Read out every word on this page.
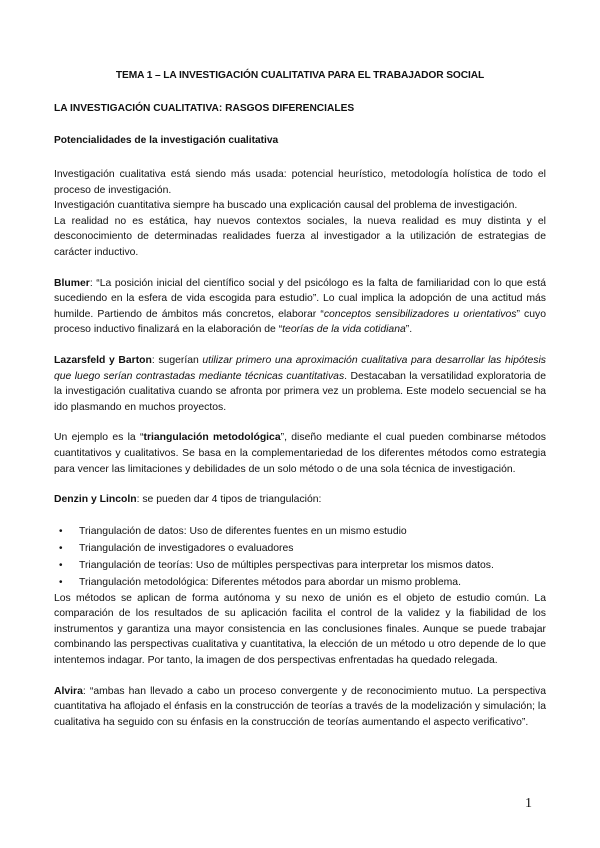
TEMA 1 – LA INVESTIGACIÓN CUALITATIVA PARA EL TRABAJADOR SOCIAL
LA INVESTIGACIÓN CUALITATIVA: RASGOS DIFERENCIALES
Potencialidades de la investigación cualitativa

Investigación cualitativa está siendo más usada: potencial heurístico, metodología holística de todo el proceso de investigación.

Investigación cuantitativa siempre ha buscado una explicación causal del problema de investigación.

La realidad no es estática, hay nuevos contextos sociales, la nueva realidad es muy distinta y el desconocimiento de determinadas realidades fuerza al investigador a la utilización de estrategias de carácter inductivo.

Blumer: “La posición inicial del científico social y del psicólogo es la falta de familiaridad con lo que está sucediendo en la esfera de vida escogida para estudio”. Lo cual implica la adopción de una actitud más humilde. Partiendo de ámbitos más concretos, elaborar “conceptos sensibilizadores u orientativos” cuyo proceso inductivo finalizará en la elaboración de “teorías de la vida cotidiana”.

Lazarsfeld y Barton: sugerían utilizar primero una aproximación cualitativa para desarrollar las hipótesis que luego serían contrastadas mediante técnicas cuantitativas. Destacaban la versatilidad exploratoria de la investigación cualitativa cuando se afronta por primera vez un problema. Este modelo secuencial se ha ido plasmando en muchos proyectos.

Un ejemplo es la “triangulación metodológica”, diseño mediante el cual pueden combinarse métodos cuantitativos y cualitativos. Se basa en la complementariedad de los diferentes métodos como estrategia para vencer las limitaciones y debilidades de un solo método o de una sola técnica de investigación.

Denzin y Lincoln: se pueden dar 4 tipos de triangulación:

• Triangulación de datos: Uso de diferentes fuentes en un mismo estudio
• Triangulación de investigadores o evaluadores
• Triangulación de teorías: Uso de múltiples perspectivas para interpretar los mismos datos.
• Triangulación metodológica: Diferentes métodos para abordar un mismo problema.

Los métodos se aplican de forma autónoma y su nexo de unión es el objeto de estudio común. La comparación de los resultados de su aplicación facilita el control de la validez y la fiabilidad de los instrumentos y garantiza una mayor consistencia en las conclusiones finales. Aunque se puede trabajar combinando las perspectivas cualitativa y cuantitativa, la elección de un método u otro depende de lo que intentemos indagar. Por tanto, la imagen de dos perspectivas enfrentadas ha quedado relegada.

Alvira: “ambas han llevado a cabo un proceso convergente y de reconocimiento mutuo. La perspectiva cuantitativa ha aflojado el énfasis en la construcción de teorías a través de la modelización y simulación; la cualitativa ha seguido con su énfasis en la construcción de teorías aumentando el aspecto verificativo”.

1
